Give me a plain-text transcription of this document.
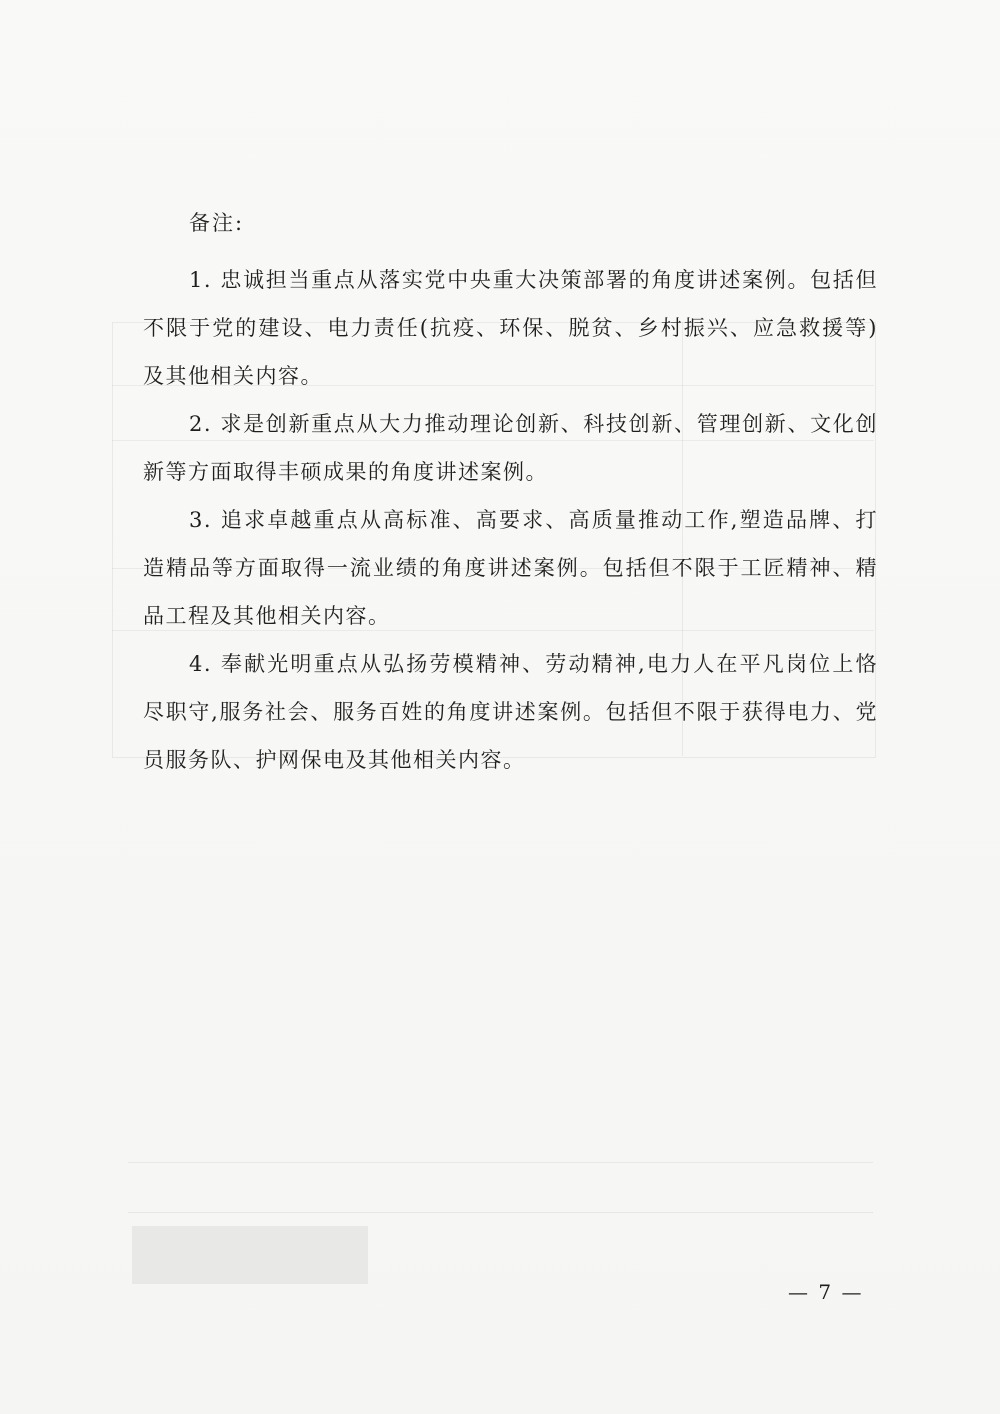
备注:

1. 忠诚担当重点从落实党中央重大决策部署的角度讲述案例。包括但不限于党的建设、电力责任(抗疫、环保、脱贫、乡村振兴、应急救援等)及其他相关内容。

2. 求是创新重点从大力推动理论创新、科技创新、管理创新、文化创新等方面取得丰硕成果的角度讲述案例。

3. 追求卓越重点从高标准、高要求、高质量推动工作,塑造品牌、打造精品等方面取得一流业绩的角度讲述案例。包括但不限于工匠精神、精品工程及其他相关内容。

4. 奉献光明重点从弘扬劳模精神、劳动精神,电力人在平凡岗位上恪尽职守,服务社会、服务百姓的角度讲述案例。包括但不限于获得电力、党员服务队、护网保电及其他相关内容。

— 7 —
